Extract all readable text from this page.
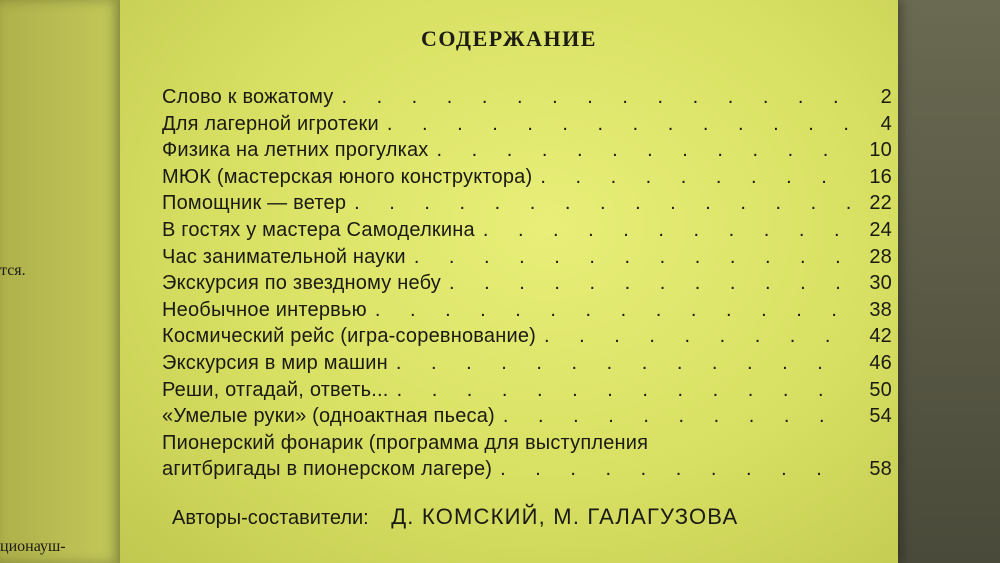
тся.
ционауш-
СОДЕРЖАНИЕ
Слово к вожатому . . .	2
Для лагерной игротеки . . .	4
Физика на летних прогулках . . .	10
МЮК (мастерская юного конструктора) . . .	16
Помощник — ветер . . .	22
В гостях у мастера Самоделкина . . .	24
Час занимательной науки . . .	28
Экскурсия по звездному небу . . .	30
Необычное интервью . . .	38
Космический рейс (игра-соревнование) . . .	42
Экскурсия в мир машин . . .	46
Реши, отгадай, ответь... . . .	50
«Умелые руки» (одноактная пьеса) . . .	54
Пионерский фонарик (программа для выступления
агитбригады в пионерском лагере) . . .	58
Авторы-составители: Д. КОМСКИЙ, М. ГАЛАГУЗОВА
